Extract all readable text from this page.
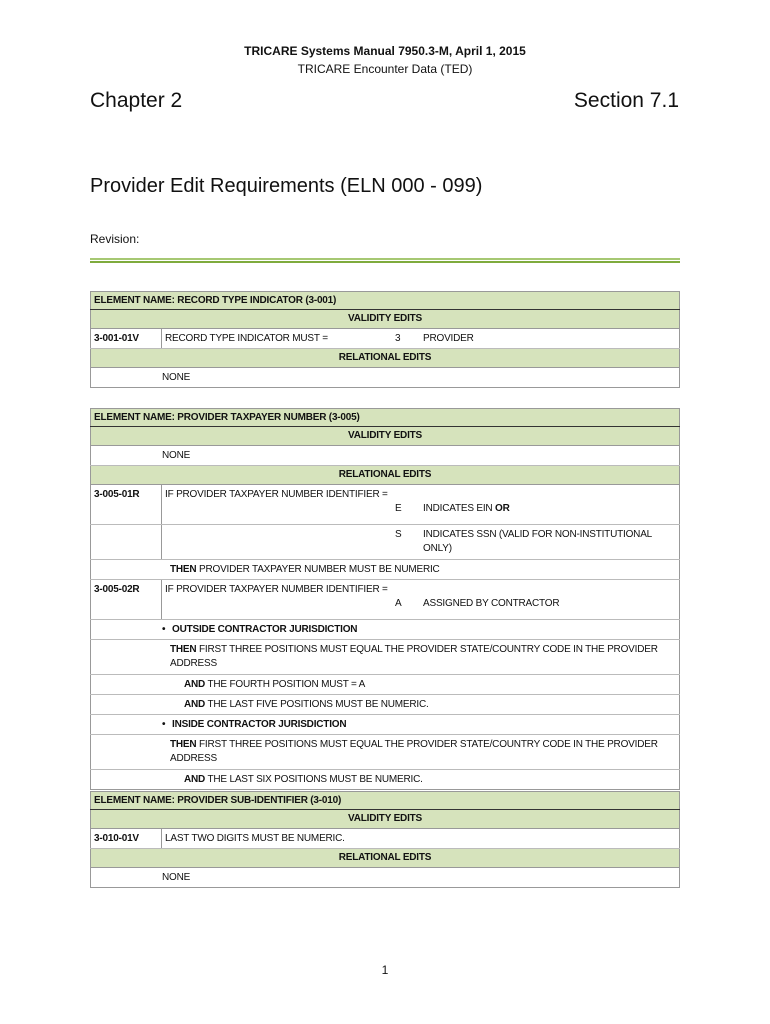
TRICARE Systems Manual 7950.3-M, April 1, 2015
TRICARE Encounter Data (TED)
Chapter 2	Section 7.1
Provider Edit Requirements (ELN 000 - 099)
Revision:
ELEMENT NAME: RECORD TYPE INDICATOR (3-001)
VALIDITY EDITS
3-001-01V	RECORD TYPE INDICATOR MUST =	3	PROVIDER
RELATIONAL EDITS
NONE
ELEMENT NAME: PROVIDER TAXPAYER NUMBER (3-005)			
VALIDITY EDITS			
NONE			
RELATIONAL EDITS			
3-005-01R	IF PROVIDER TAXPAYER NUMBER IDENTIFIER =	E	INDICATES EIN OR
		S	INDICATES SSN (VALID FOR NON-INSTITUTIONAL ONLY)
THEN PROVIDER TAXPAYER NUMBER MUST BE NUMERIC			
3-005-02R	IF PROVIDER TAXPAYER NUMBER IDENTIFIER =	A	ASSIGNED BY CONTRACTOR
• OUTSIDE CONTRACTOR JURISDICTION			
THEN FIRST THREE POSITIONS MUST EQUAL THE PROVIDER STATE/COUNTRY CODE IN THE PROVIDER ADDRESS			
AND THE FOURTH POSITION MUST = A			
AND THE LAST FIVE POSITIONS MUST BE NUMERIC.			
• INSIDE CONTRACTOR JURISDICTION			
THEN FIRST THREE POSITIONS MUST EQUAL THE PROVIDER STATE/COUNTRY CODE IN THE PROVIDER ADDRESS			
AND THE LAST SIX POSITIONS MUST BE NUMERIC.			
ELEMENT NAME: PROVIDER SUB-IDENTIFIER (3-010)
VALIDITY EDITS
3-010-01V	LAST TWO DIGITS MUST BE NUMERIC.
RELATIONAL EDITS
NONE
1
